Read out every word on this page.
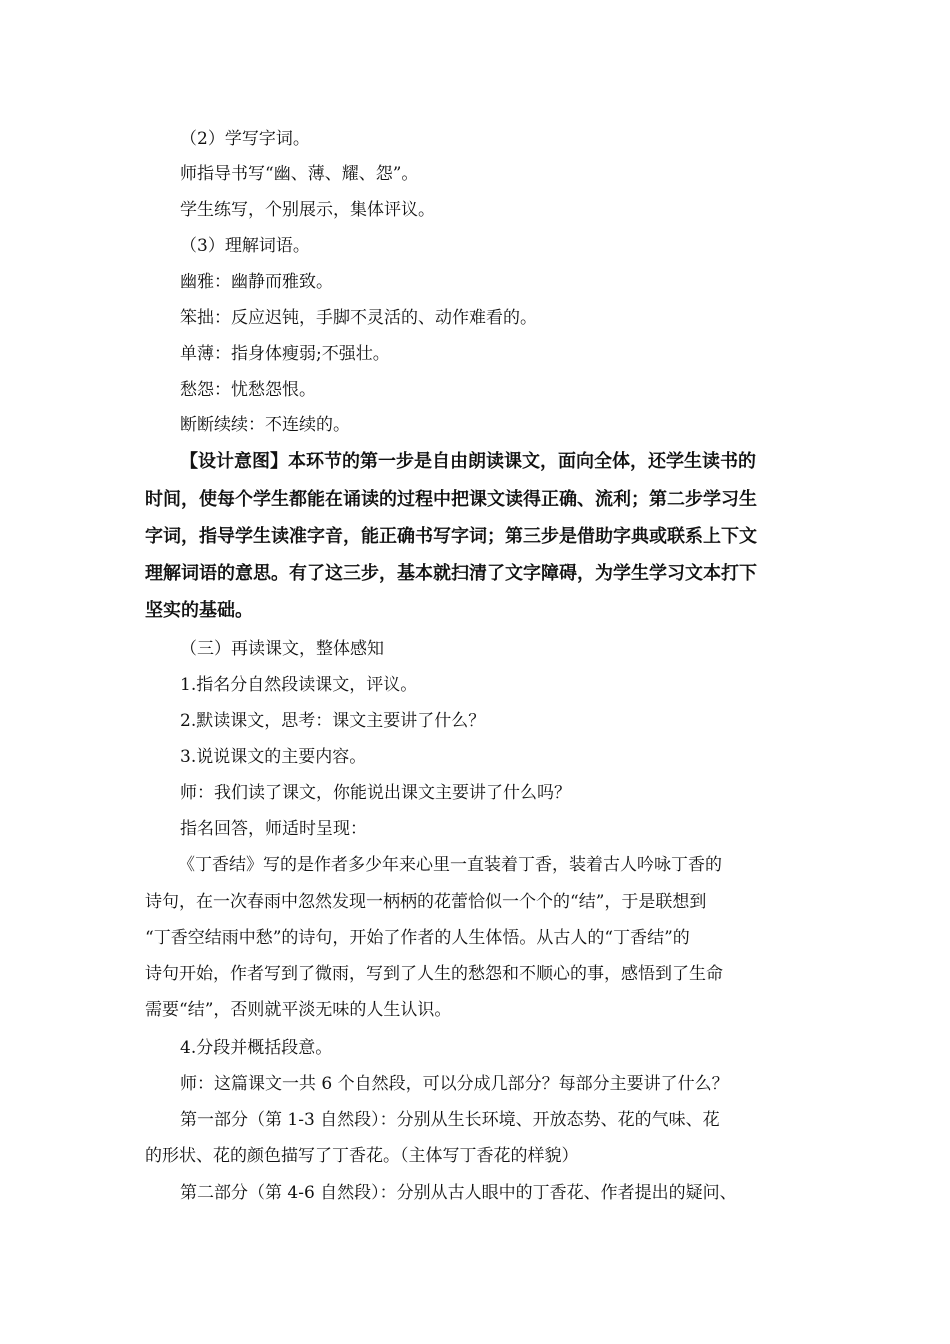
（2）学写字词。
师指导书写“幽、薄、耀、怨”。
学生练写，个别展示，集体评议。
（3）理解词语。
幽雅：幽静而雅致。
笨拙：反应迟钝，手脚不灵活的、动作难看的。
单薄：指身体瘦弱;不强壮。
愁怨：忧愁怨恨。
断断续续：不连续的。
【设计意图】本环节的第一步是自由朗读课文，面向全体，还学生读书的
时间，使每个学生都能在诵读的过程中把课文读得正确、流利；第二步学习生
字词，指导学生读准字音，能正确书写字词；第三步是借助字典或联系上下文
理解词语的意思。有了这三步，基本就扫清了文字障碍，为学生学习文本打下
坚实的基础。
（三）再读课文，整体感知
1.指名分自然段读课文，评议。
2.默读课文，思考：课文主要讲了什么？
3.说说课文的主要内容。
师：我们读了课文，你能说出课文主要讲了什么吗？
指名回答，师适时呈现：
《丁香结》写的是作者多少年来心里一直装着丁香，装着古人吟咏丁香的
诗句，在一次春雨中忽然发现一柄柄的花蕾恰似一个个的“结”，于是联想到
“丁香空结雨中愁”的诗句，开始了作者的人生体悟。从古人的“丁香结”的
诗句开始，作者写到了微雨，写到了人生的愁怨和不顺心的事，感悟到了生命
需要“结”，否则就平淡无味的人生认识。
4.分段并概括段意。
师：这篇课文一共 6 个自然段，可以分成几部分？每部分主要讲了什么？
第一部分（第 1-3 自然段）：分别从生长环境、开放态势、花的气味、花
的形状、花的颜色描写了丁香花。（主体写丁香花的样貌）
第二部分（第 4-6 自然段）：分别从古人眼中的丁香花、作者提出的疑问、
